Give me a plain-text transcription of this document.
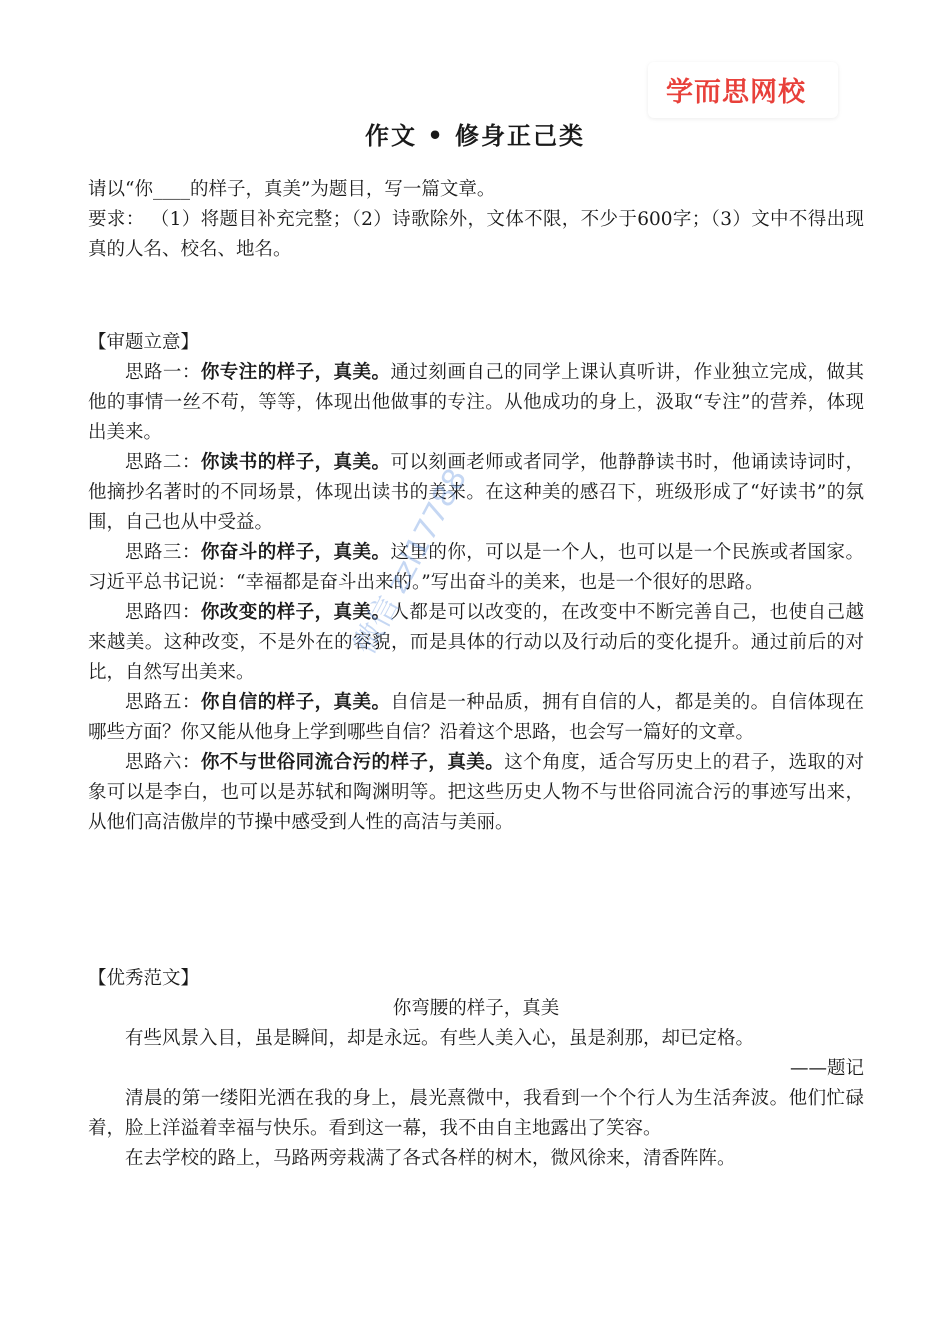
学而思网校
作文 • 修身正己类

请以“你____的样子，真美”为题目，写一篇文章。

要求： （1）将题目补充完整；（2）诗歌除外，文体不限，不少于600字；（3）文中不得出现真的人名、校名、地名。

【审题立意】

思路一：你专注的样子，真美。通过刻画自己的同学上课认真听讲，作业独立完成，做其他的事情一丝不苟，等等，体现出他做事的专注。从他成功的身上，汲取“专注”的营养，体现出美来。

思路二：你读书的样子，真美。可以刻画老师或者同学，他静静读书时，他诵读诗词时，他摘抄名著时的不同场景，体现出读书的美来。在这种美的感召下，班级形成了“好读书”的氛围，自己也从中受益。

思路三：你奋斗的样子，真美。这里的你，可以是一个人，也可以是一个民族或者国家。习近平总书记说：“幸福都是奋斗出来的。”写出奋斗的美来，也是一个很好的思路。

思路四：你改变的样子，真美。人都是可以改变的，在改变中不断完善自己，也使自己越来越美。这种改变，不是外在的容貌，而是具体的行动以及行动后的变化提升。通过前后的对比，自然写出美来。

思路五：你自信的样子，真美。自信是一种品质，拥有自信的人，都是美的。自信体现在哪些方面？你又能从他身上学到哪些自信？沿着这个思路，也会写一篇好的文章。

思路六：你不与世俗同流合污的样子，真美。这个角度，适合写历史上的君子，选取的对象可以是李白，也可以是苏轼和陶渊明等。把这些历史人物不与世俗同流合污的事迹写出来，从他们高洁傲岸的节操中感受到人性的高洁与美丽。

【优秀范文】

你弯腰的样子，真美

有些风景入目，虽是瞬间，却是永远。有些人美入心，虽是刹那，却已定格。

——题记

清晨的第一缕阳光洒在我的身上，晨光熹微中，我看到一个个行人为生活奔波。他们忙碌着，脸上洋溢着幸福与快乐。看到这一幕，我不由自主地露出了笑容。

在去学校的路上，马路两旁栽满了各式各样的树木，微风徐来，清香阵阵。

微信 zzl17788
